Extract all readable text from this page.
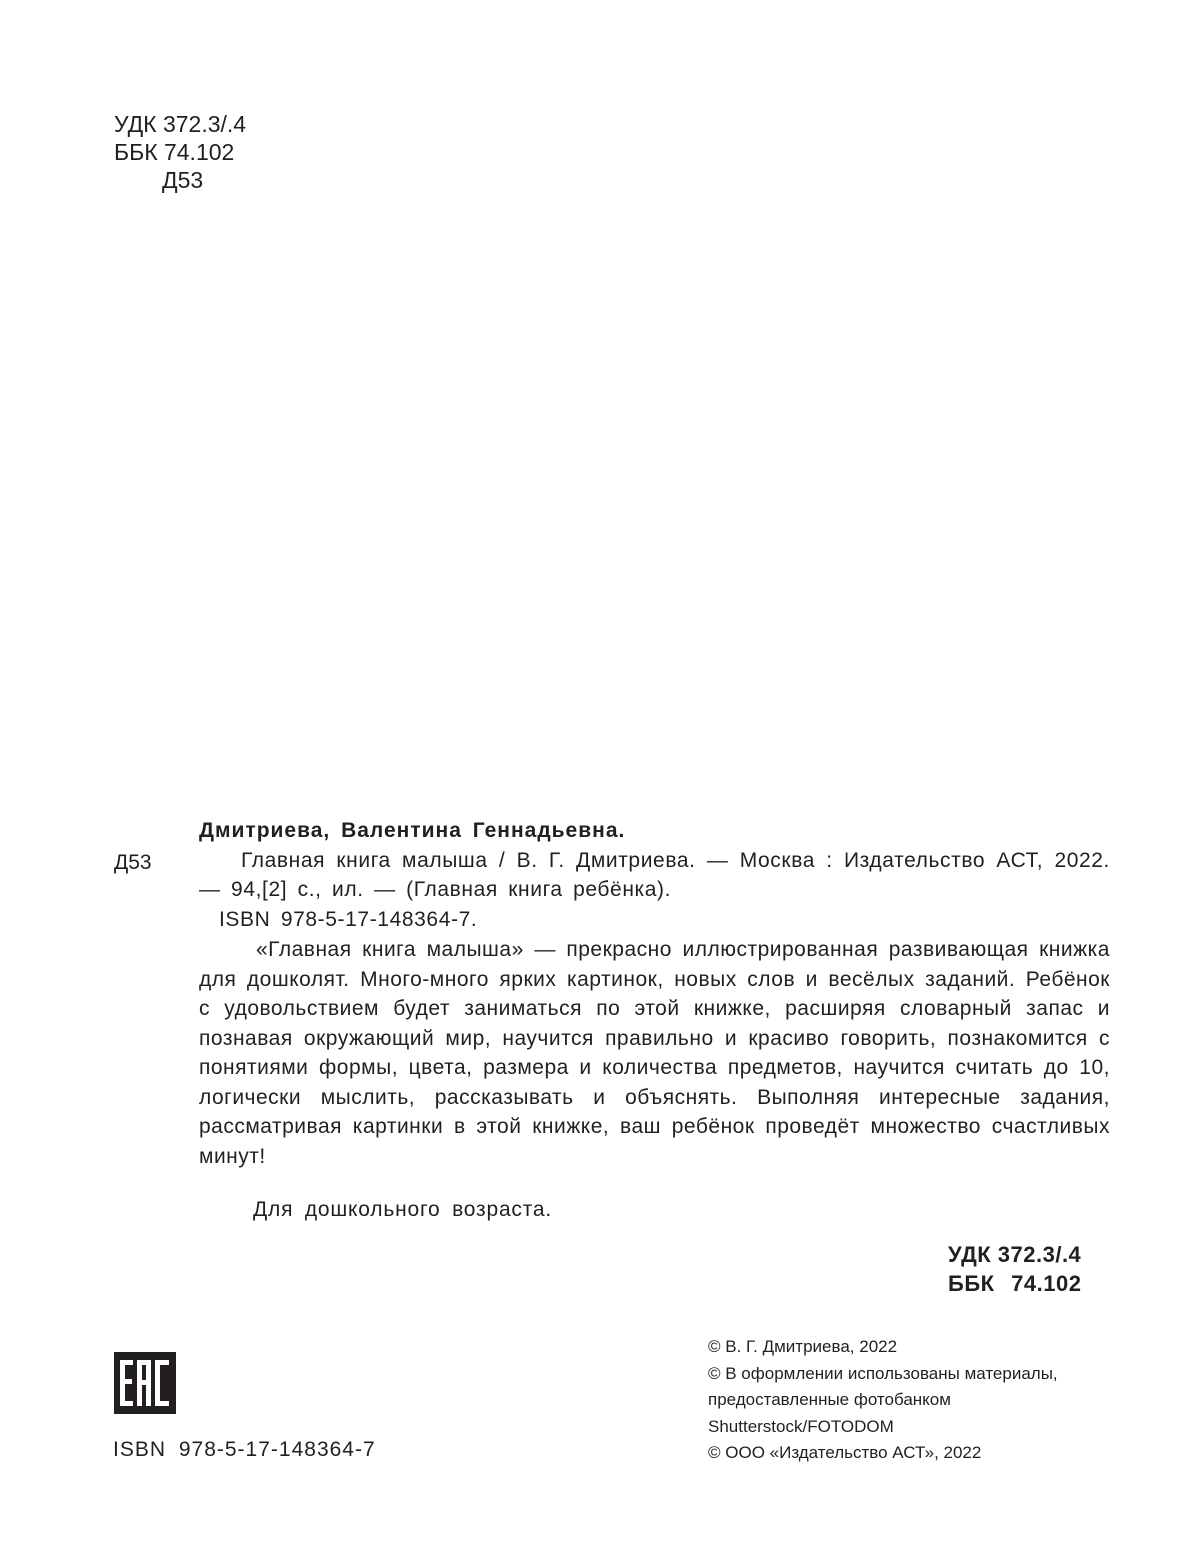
УДК 372.3/.4
ББК 74.102
Д53
Д53
Дмитриева, Валентина Геннадьевна.
Главная книга малыша / В. Г. Дмитриева. — Москва : Издательство АСТ, 2022. — 94,[2] с., ил. — (Главная книга ребёнка).
ISBN 978-5-17-148364-7.
«Главная книга малыша» — прекрасно иллюстрированная развивающая книжка для дошколят. Много-много ярких картинок, новых слов и весёлых заданий. Ребёнок с удовольствием будет заниматься по этой книжке, расширяя словарный запас и познавая окружающий мир, научится правильно и красиво говорить, познакомится с понятиями формы, цвета, размера и количества предметов, научится считать до 10, логически мыслить, рассказывать и объяснять. Выполняя интересные задания, рассматривая картинки в этой книжке, ваш ребёнок проведёт множество счастливых минут!
Для дошкольного возраста.
УДК 372.3/.4
ББК 74.102
ISBN 978-5-17-148364-7
© В. Г. Дмитриева, 2022
© В оформлении использованы материалы,
предоставленные фотобанком
Shutterstock/FOTODOM
© ООО «Издательство АСТ», 2022
